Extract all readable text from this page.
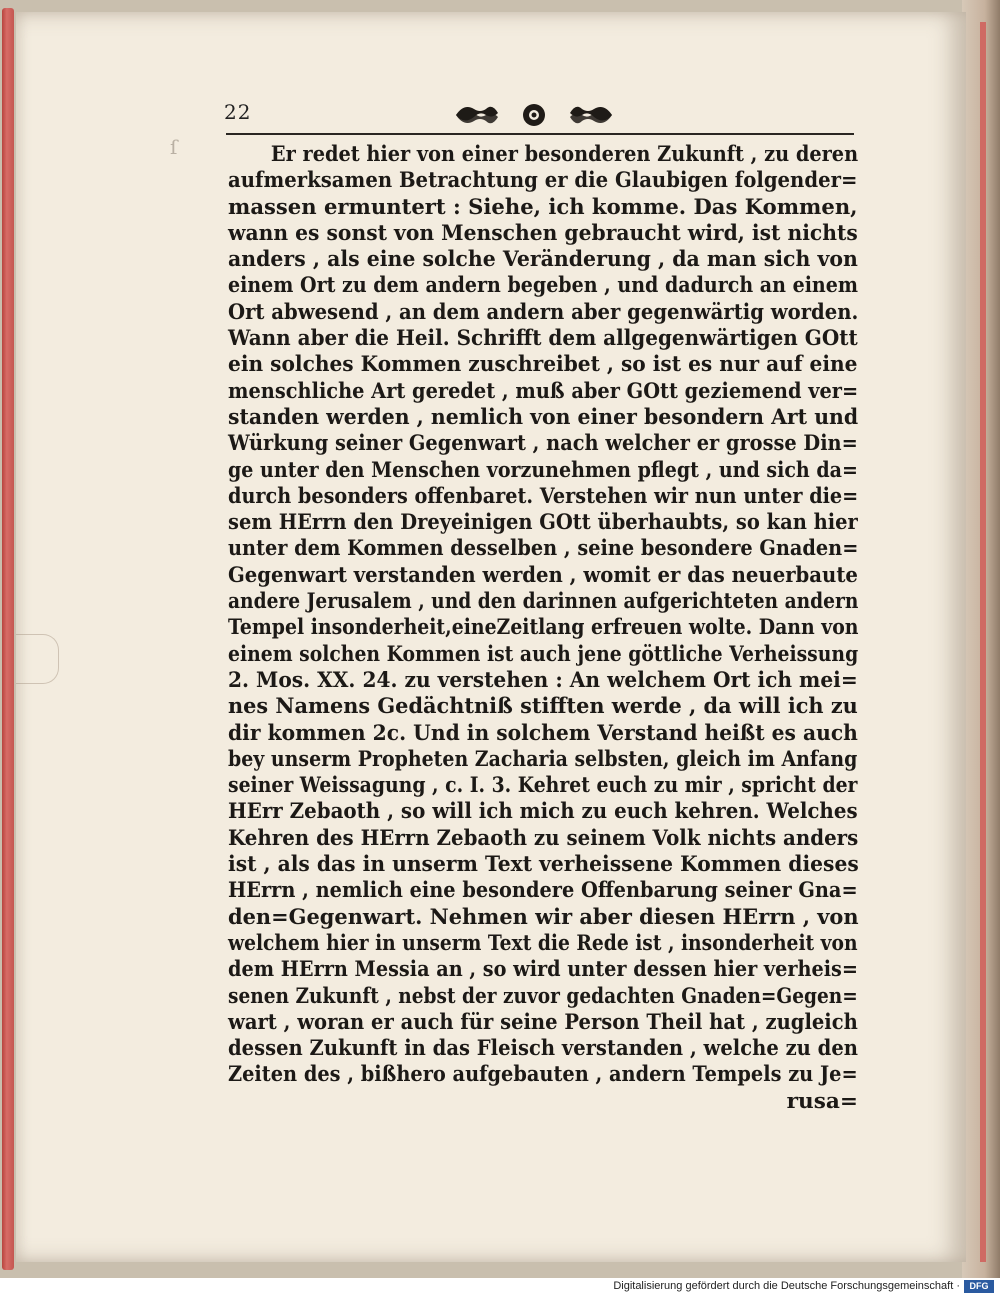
ſ
22
Er redet hier von einer besonderen Zukunft , zu deren
aufmerksamen Betrachtung er die Glaubigen folgender=
massen ermuntert : Siehe, ich komme. Das Kommen,
wann es sonst von Menschen gebraucht wird, ist nichts
anders , als eine solche Veränderung , da man sich von
einem Ort zu dem andern begeben , und dadurch an einem
Ort abwesend , an dem andern aber gegenwärtig worden.
Wann aber die Heil. Schrifft dem allgegenwärtigen GOtt
ein solches Kommen zuschreibet , so ist es nur auf eine
menschliche Art geredet , muß aber GOtt geziemend ver=
standen werden , nemlich von einer besondern Art und
Würkung seiner Gegenwart , nach welcher er grosse Din=
ge unter den Menschen vorzunehmen pflegt , und sich da=
durch besonders offenbaret. Verstehen wir nun unter die=
sem HErrn den Dreyeinigen GOtt überhaubts, so kan hier
unter dem Kommen desselben , seine besondere Gnaden=
Gegenwart verstanden werden , womit er das neuerbaute
andere Jerusalem , und den darinnen aufgerichteten andern
Tempel insonderheit,eineZeitlang erfreuen wolte. Dann von
einem solchen Kommen ist auch jene göttliche Verheissung
2. Mos. XX. 24. zu verstehen : An welchem Ort ich mei=
nes Namens Gedächtniß stifften werde , da will ich zu
dir kommen 2c. Und in solchem Verstand heißt es auch
bey unserm Propheten Zacharia selbsten, gleich im Anfang
seiner Weissagung , c. I. 3. Kehret euch zu mir , spricht der
HErr Zebaoth , so will ich mich zu euch kehren. Welches
Kehren des HErrn Zebaoth zu seinem Volk nichts anders
ist , als das in unserm Text verheissene Kommen dieses
HErrn , nemlich eine besondere Offenbarung seiner Gna=
den=Gegenwart. Nehmen wir aber diesen HErrn , von
welchem hier in unserm Text die Rede ist , insonderheit von
dem HErrn Messia an , so wird unter dessen hier verheis=
senen Zukunft , nebst der zuvor gedachten Gnaden=Gegen=
wart , woran er auch für seine Person Theil hat , zugleich
dessen Zukunft in das Fleisch verstanden , welche zu den
Zeiten des , bißhero aufgebauten , andern Tempels zu Je=
rusa=
Digitalisierung gefördert durch die Deutsche Forschungsgemeinschaft ·	DFG
